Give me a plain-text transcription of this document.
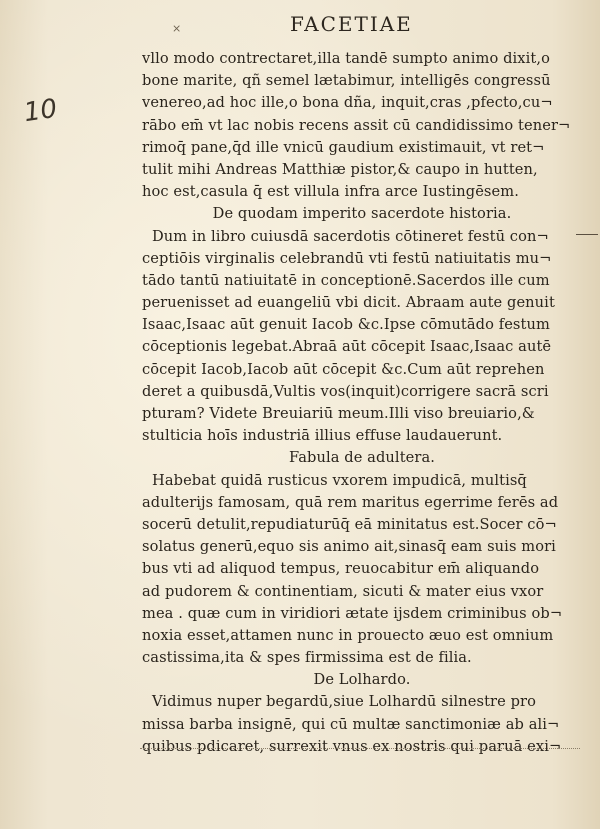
×	FACETIAE
10
vllo modo contrectaret,illa tandē sumpto animo dixit,o
bone marite, qñ semel lætabimur, intelligēs congressū
venereo,ad hoc ille,o bona dña, inquit,cras ,pfecto,cu¬
rābo em̄ vt lac nobis recens assit cū candidissimo tener¬
rimoq̄ pane,q̄d ille vnicū gaudium existimauit, vt ret¬
tulit mihi Andreas Matthiæ pistor,& caupo in hutten,
hoc est,casula q̄ est villula infra arce Iustingēsem.
De quodam imperito sacerdote historia.
Dum in libro cuiusdā sacerdotis cōtineret festū con¬
ceptiōis virginalis celebrandū vti festū natiuitatis mu¬
tādo tantū natiuitatē in conceptionē.Sacerdos ille cum
peruenisset ad euangeliū vbi dicit. Abraam aute genuit
Isaac,Isaac aūt genuit Iacob &c.Ipse cōmutādo festum
cōceptionis legebat.Abraā aūt cōcepit Isaac,Isaac autē
cōcepit Iacob,Iacob aūt cōcepit &c.Cum aūt reprehen
deret a quibusdā,Vultis vos(inquit)corrigere sacrā scri
pturam? Videte Breuiariū meum.Illi viso breuiario,&
stulticia hoīs industriā illius effuse laudauerunt.
Fabula de adultera.
Habebat quidā rusticus vxorem impudicā, multisq̄
adulterijs famosam, quā rem maritus egerrime ferēs ad
socerū detulit,repudiaturūq̄ eā minitatus est.Socer cō¬
solatus generū,equo sis animo ait,sinasq̄ eam suis mori
bus vti ad aliquod tempus, reuocabitur em̄ aliquando
ad pudorem & continentiam, sicuti & mater eius vxor
mea . quæ cum in viridiori ætate ijsdem criminibus ob¬
noxia esset,attamen nunc in prouecto æuo est omnium
castissima,ita & spes firmissima est de filia.
De Lolhardo.
Vidimus nuper begardū,siue Lolhardū silnestre pro
missa barba insignē, qui cū multæ sanctimoniæ ab ali¬
quibus pdicaret, surrexit vnus ex nostris qui paruā exi¬
